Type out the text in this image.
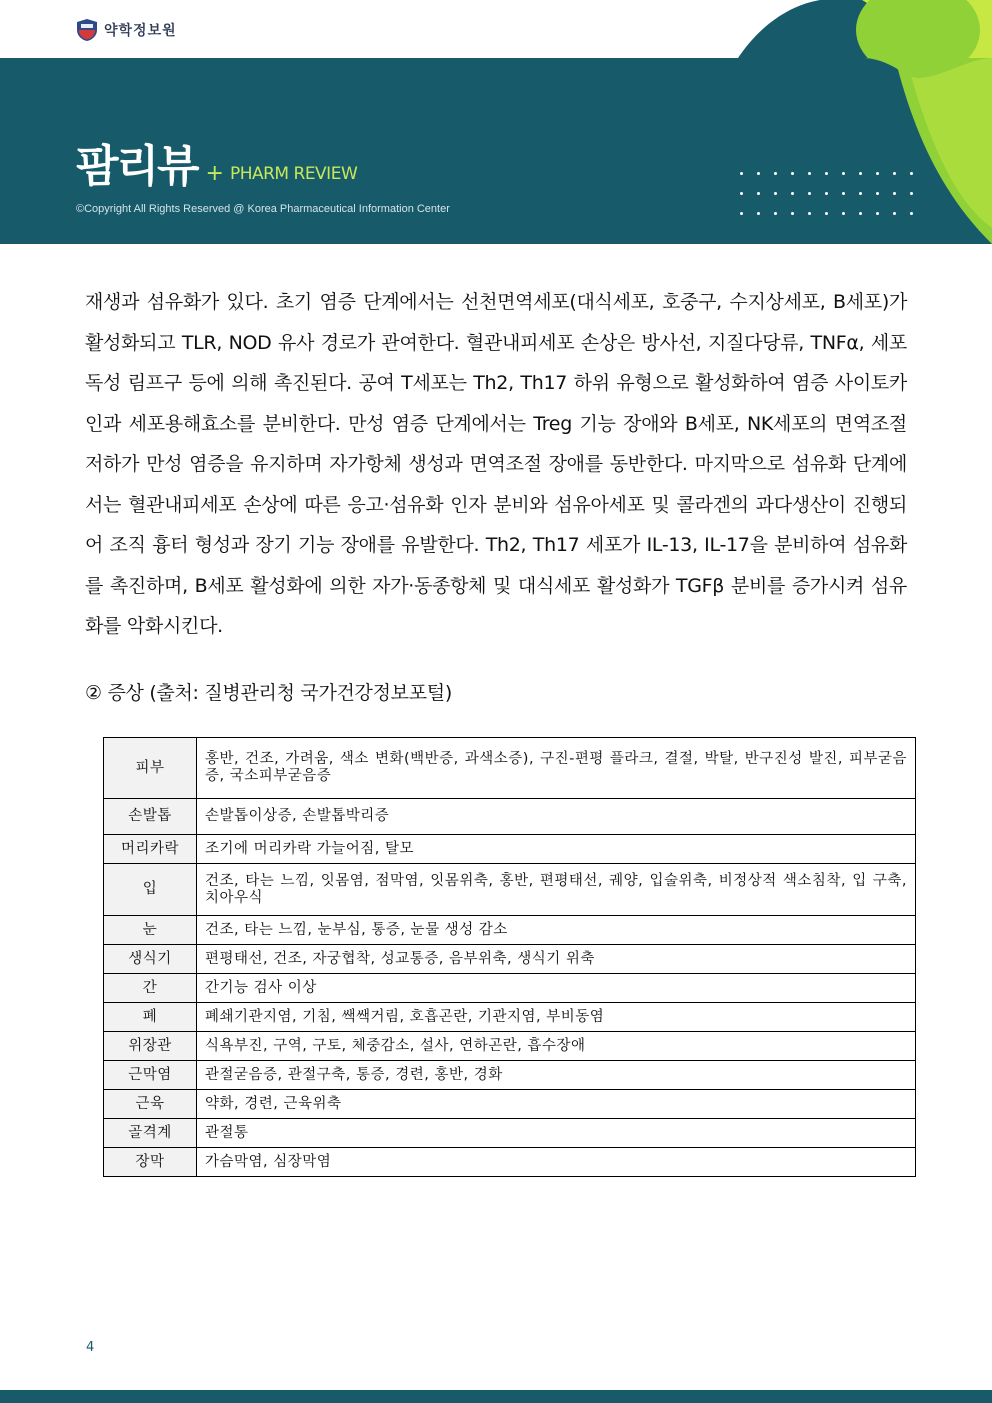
약학정보원
팜리뷰 + PHARM REVIEW
©Copyright All Rights Reserved @ Korea Pharmaceutical Information Center
재생과 섬유화가 있다. 초기 염증 단계에서는 선천면역세포(대식세포, 호중구, 수지상세포, B세포)가 활성화되고 TLR, NOD 유사 경로가 관여한다. 혈관내피세포 손상은 방사선, 지질다당류, TNFα, 세포독성 림프구 등에 의해 촉진된다. 공여 T세포는 Th2, Th17 하위 유형으로 활성화하여 염증 사이토카인과 세포용해효소를 분비한다. 만성 염증 단계에서는 Treg 기능 장애와 B세포, NK세포의 면역조절 저하가 만성 염증을 유지하며 자가항체 생성과 면역조절 장애를 동반한다. 마지막으로 섬유화 단계에서는 혈관내피세포 손상에 따른 응고·섬유화 인자 분비와 섬유아세포 및 콜라겐의 과다생산이 진행되어 조직 흉터 형성과 장기 기능 장애를 유발한다. Th2, Th17 세포가 IL-13, IL-17을 분비하여 섬유화를 촉진하며, B세포 활성화에 의한 자가·동종항체 및 대식세포 활성화가 TGFβ 분비를 증가시켜 섬유화를 악화시킨다.
② 증상 (출처: 질병관리청 국가건강정보포털)
피부	홍반, 건조, 가려움, 색소 변화(백반증, 과색소증), 구진-편평 플라크, 결절, 박탈, 반구진성 발진, 피부굳음증, 국소피부굳음증
손발톱	손발톱이상증, 손발톱박리증
머리카락	조기에 머리카락 가늘어짐, 탈모
입	건조, 타는 느낌, 잇몸염, 점막염, 잇몸위축, 홍반, 편평태선, 궤양, 입술위축, 비정상적 색소침착, 입 구축, 치아우식
눈	건조, 타는 느낌, 눈부심, 통증, 눈물 생성 감소
생식기	편평태선, 건조, 자궁협착, 성교통증, 음부위축, 생식기 위축
간	간기능 검사 이상
폐	폐쇄기관지염, 기침, 쌕쌕거림, 호흡곤란, 기관지염, 부비동염
위장관	식욕부진, 구역, 구토, 체중감소, 설사, 연하곤란, 흡수장애
근막염	관절굳음증, 관절구축, 통증, 경련, 홍반, 경화
근육	약화, 경련, 근육위축
골격계	관절통
장막	가슴막염, 심장막염
4
